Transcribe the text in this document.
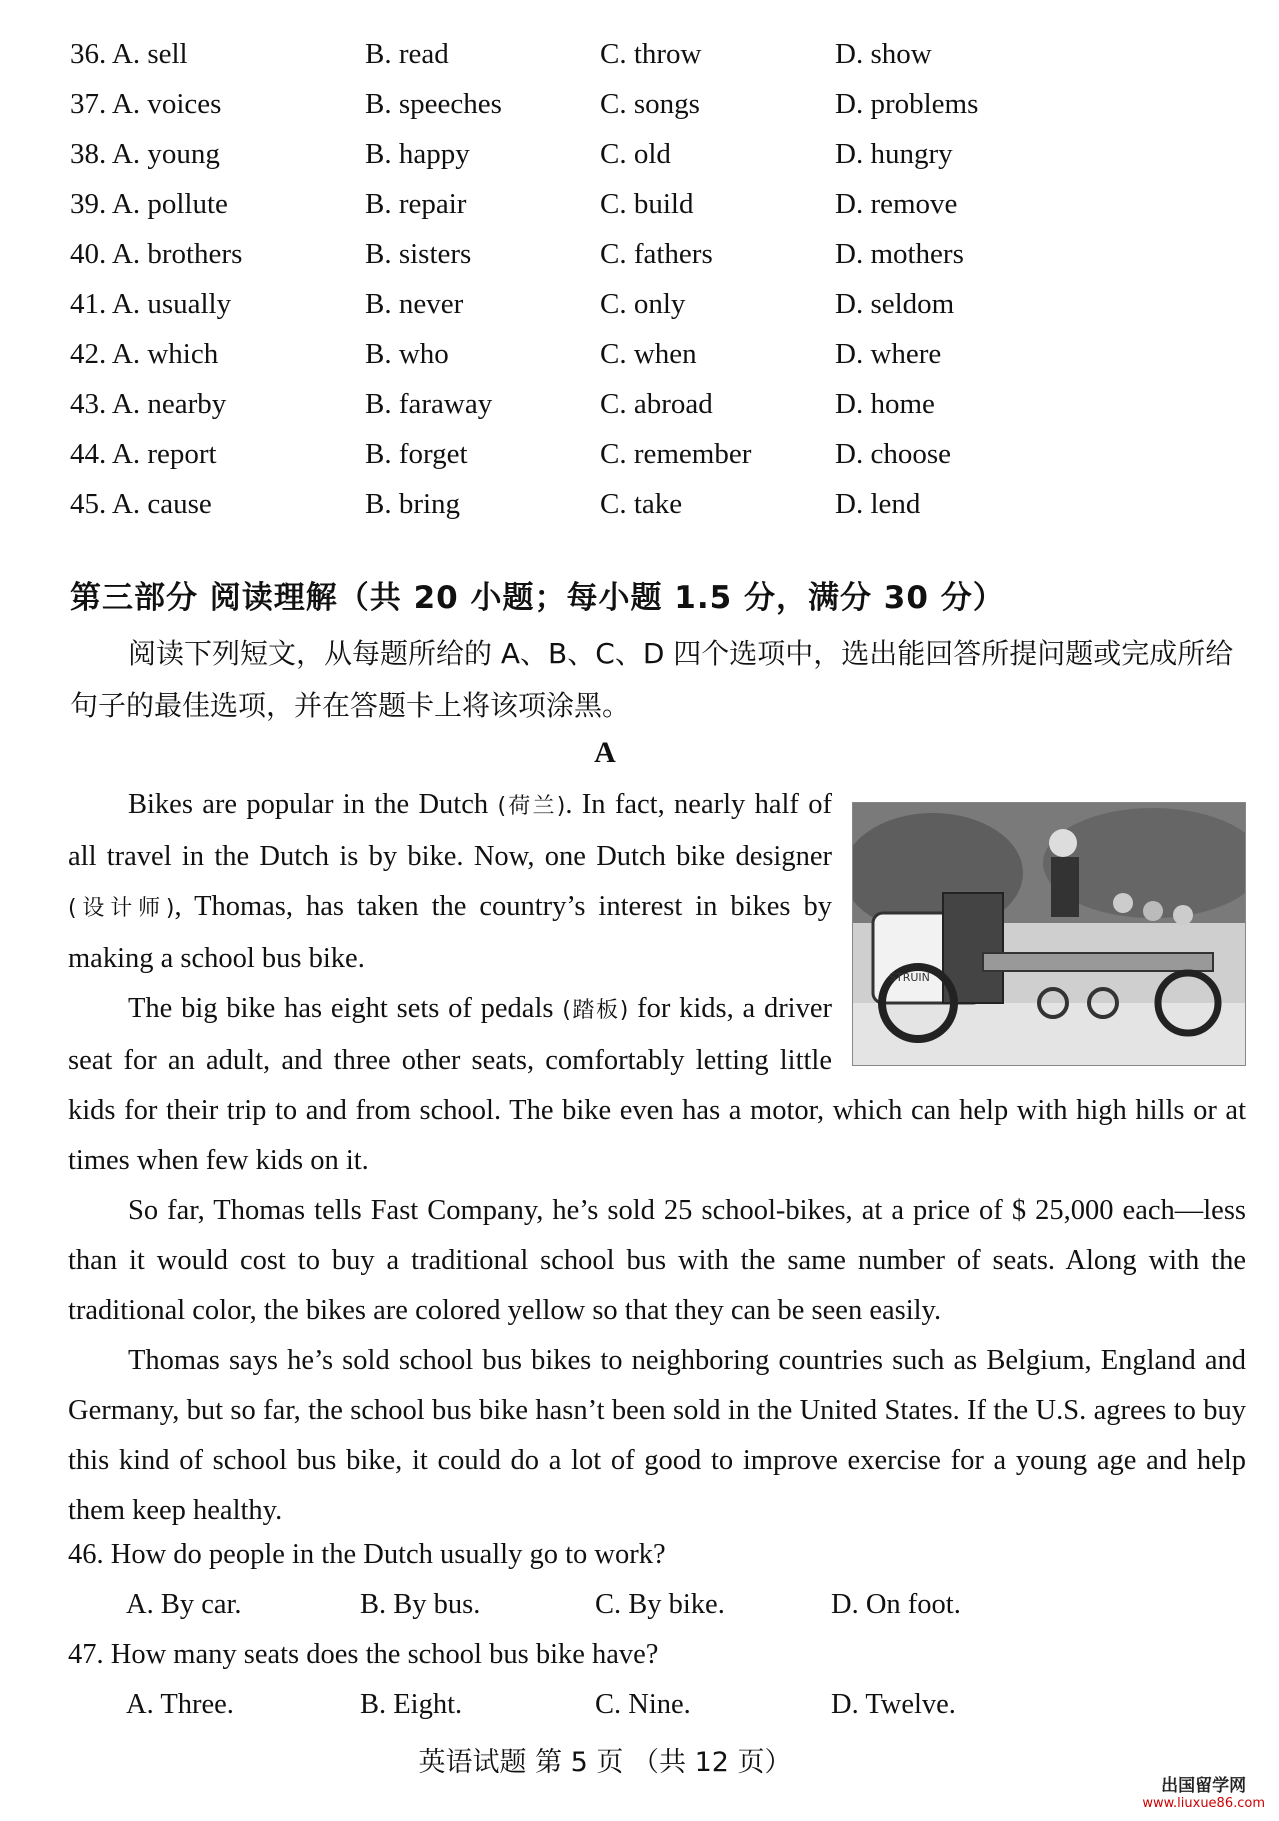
36. A. sell	B. read	C. throw	D. show
37. A. voices	B. speeches	C. songs	D. problems
38. A. young	B. happy	C. old	D. hungry
39. A. pollute	B. repair	C. build	D. remove
40. A. brothers	B. sisters	C. fathers	D. mothers
41. A. usually	B. never	C. only	D. seldom
42. A. which	B. who	C. when	D. where
43. A. nearby	B. faraway	C. abroad	D. home
44. A. report	B. forget	C. remember	D. choose
45. A. cause	B. bring	C. take	D. lend
第三部分 阅读理解（共 20 小题；每小题 1.5 分，满分 30 分）
阅读下列短文，从每题所给的 A、B、C、D 四个选项中，选出能回答所提问题或完成所给句子的最佳选项，并在答题卡上将该项涂黑。
A
STRUIN

Bikes are popular in the Dutch (荷兰). In fact, nearly half of all travel in the Dutch is by bike. Now, one Dutch bike designer (设计师), Thomas, has taken the country’s interest in bikes by making a school bus bike.

The big bike has eight sets of pedals (踏板) for kids, a driver seat for an adult, and three other seats, comfortably letting little kids for their trip to and from school. The bike even has a motor, which can help with high hills or at times when few kids on it.

So far, Thomas tells Fast Company, he’s sold 25 school-bikes, at a price of $ 25,000 each—less than it would cost to buy a traditional school bus with the same number of seats. Along with the traditional color, the bikes are colored yellow so that they can be seen easily.

Thomas says he’s sold school bus bikes to neighboring countries such as Belgium, England and Germany, but so far, the school bus bike hasn’t been sold in the United States. If the U.S. agrees to buy this kind of school bus bike, it could do a lot of good to improve exercise for a young age and help them keep healthy.

46. How do people in the Dutch usually go to work?
A. By car.	B. By bus.	C. By bike.	D. On foot.
47. How many seats does the school bus bike have?
A. Three.	B. Eight.	C. Nine.	D. Twelve.
英语试题 第 5 页 （共 12 页）
出国留学网
www.liuxue86.com
